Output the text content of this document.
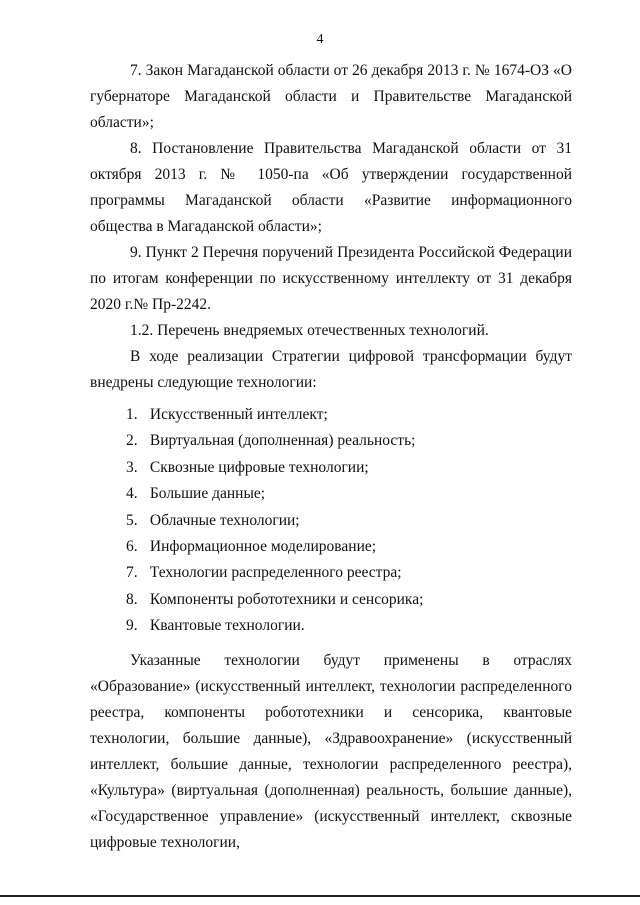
4

7. Закон Магаданской области от 26 декабря 2013 г. № 1674-ОЗ «О губернаторе Магаданской области и Правительстве Магаданской области»;

8. Постановление Правительства Магаданской области от 31 октября 2013 г. № 1050-па «Об утверждении государственной программы Магаданской области «Развитие информационного общества в Магаданской области»;

9. Пункт 2 Перечня поручений Президента Российской Федерации по итогам конференции по искусственному интеллекту от 31 декабря 2020 г.№ Пр-2242.

1.2. Перечень внедряемых отечественных технологий.

В ходе реализации Стратегии цифровой трансформации будут внедрены следующие технологии:

1. Искусственный интеллект;
2. Виртуальная (дополненная) реальность;
3. Сквозные цифровые технологии;
4. Большие данные;
5. Облачные технологии;
6. Информационное моделирование;
7. Технологии распределенного реестра;
8. Компоненты робототехники и сенсорика;
9. Квантовые технологии.

Указанные технологии будут применены в отраслях «Образование» (искусственный интеллект, технологии распределенного реестра, компоненты робототехники и сенсорика, квантовые технологии, большие данные), «Здравоохранение» (искусственный интеллект, большие данные, технологии распределенного реестра), «Культура» (виртуальная (дополненная) реальность, большие данные), «Государственное управление» (искусственный интеллект, сквозные цифровые технологии,
